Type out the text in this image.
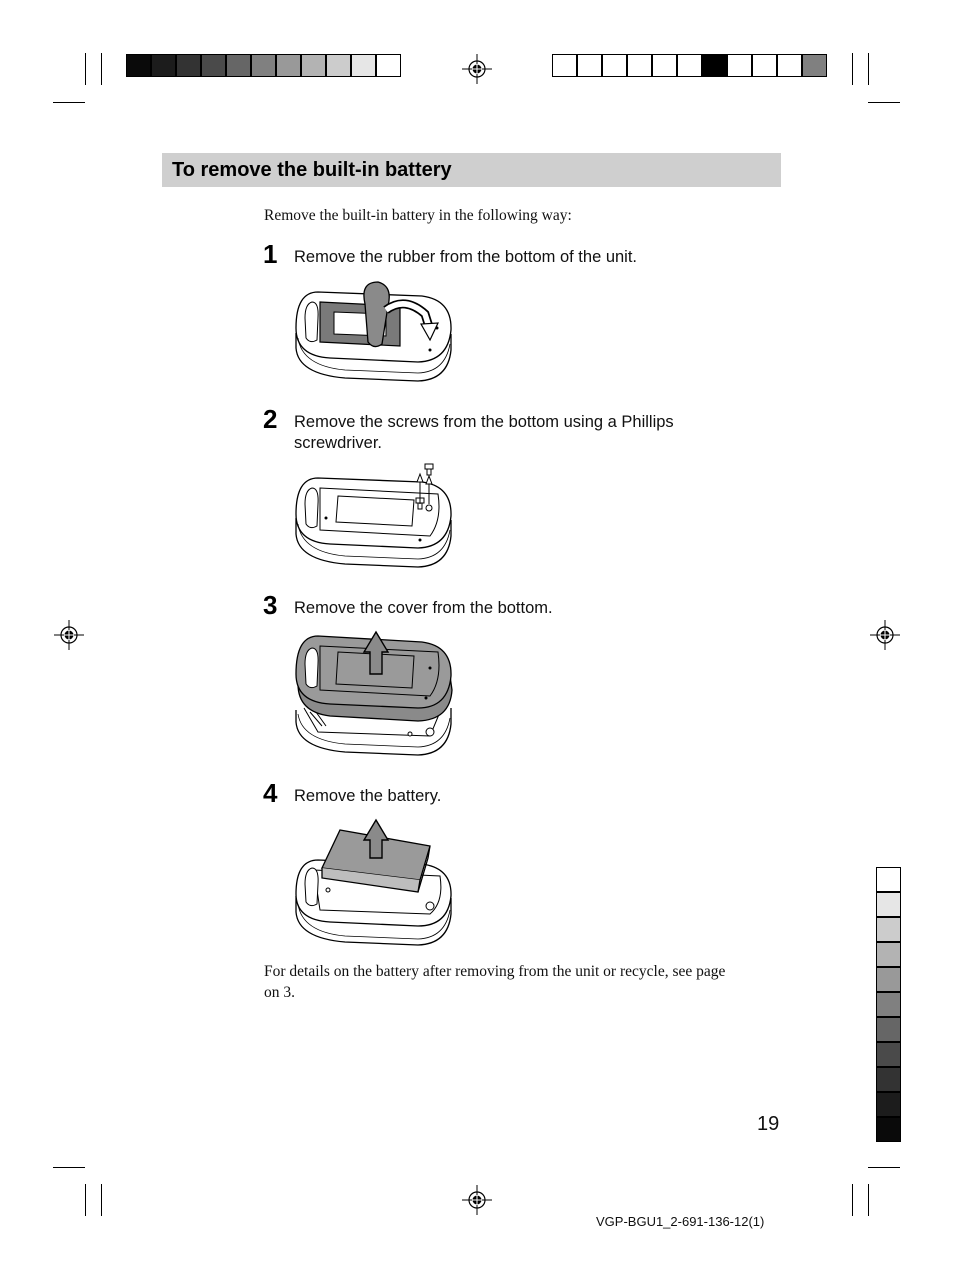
To remove the built-in battery
Remove the built-in battery in the following way:
1 Remove the rubber from the bottom of the unit.
2 Remove the screws from the bottom using a Phillips
screwdriver.
3 Remove the cover from the bottom.
4 Remove the battery.
For details on the battery after removing from the unit or recycle, see page
on 3.
19
VGP-BGU1_2-691-136-12(1)
